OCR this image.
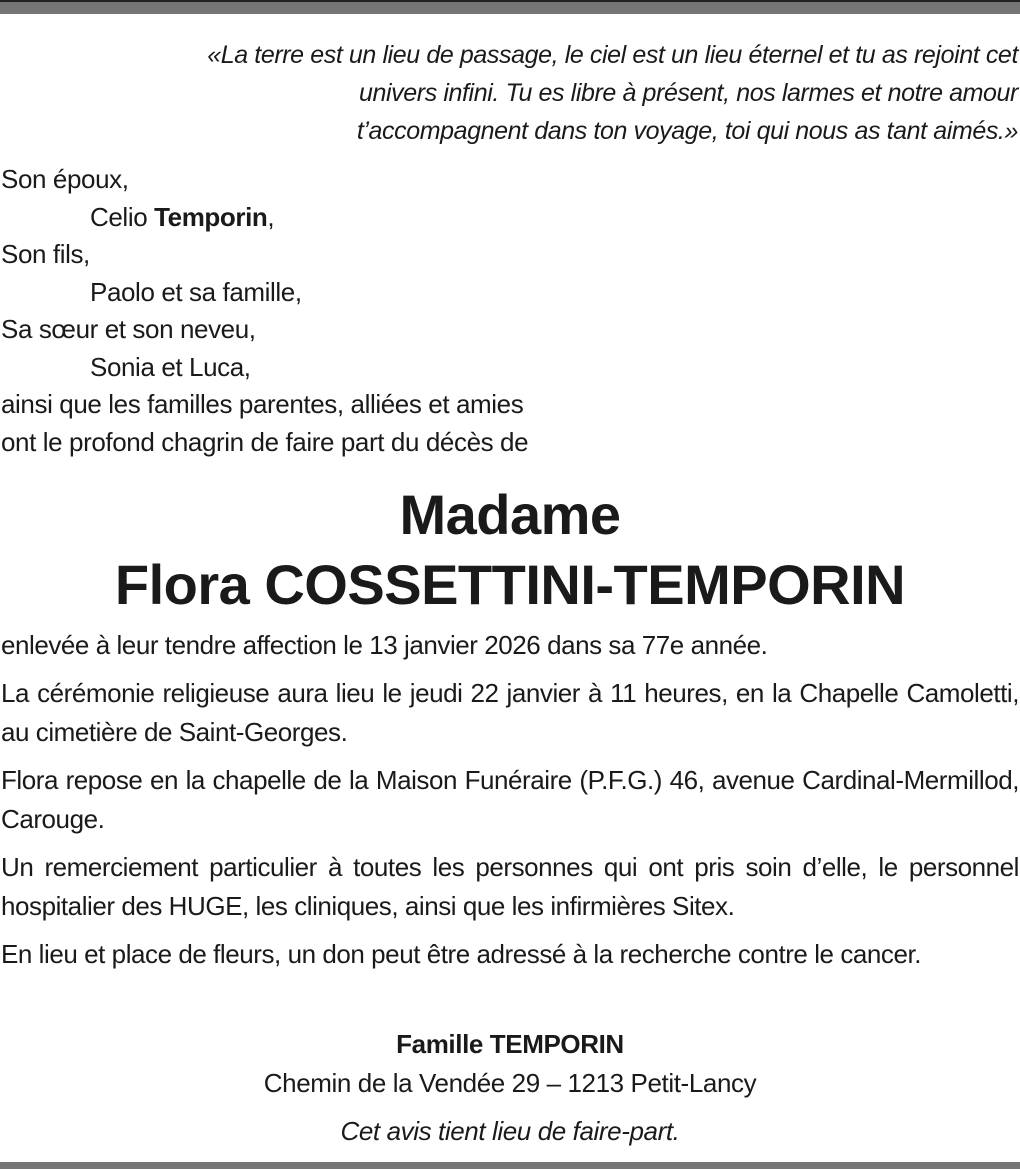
«La terre est un lieu de passage, le ciel est un lieu éternel et tu as rejoint cet
univers infini. Tu es libre à présent, nos larmes et notre amour
t’accompagnent dans ton voyage, toi qui nous as tant aimés.»
Son époux,
Celio Temporin,
Son fils,
Paolo et sa famille,
Sa sœur et son neveu,
Sonia et Luca,
ainsi que les familles parentes, alliées et amies
ont le profond chagrin de faire part du décès de
Madame
Flora COSSETTINI-TEMPORIN

enlevée à leur tendre affection le 13 janvier 2026 dans sa 77e année.

La cérémonie religieuse aura lieu le jeudi 22 janvier à 11 heures, en la Chapelle Camoletti, au cimetière de Saint-Georges.

Flora repose en la chapelle de la Maison Funéraire (P.F.G.) 46, avenue Cardinal-Mermillod, Carouge.

Un remerciement particulier à toutes les personnes qui ont pris soin d’elle, le personnel hospitalier des HUGE, les cliniques, ainsi que les infirmières Sitex.

En lieu et place de fleurs, un don peut être adressé à la recherche contre le cancer.

Famille TEMPORIN
Chemin de la Vendée 29 – 1213 Petit-Lancy
Cet avis tient lieu de faire-part.
